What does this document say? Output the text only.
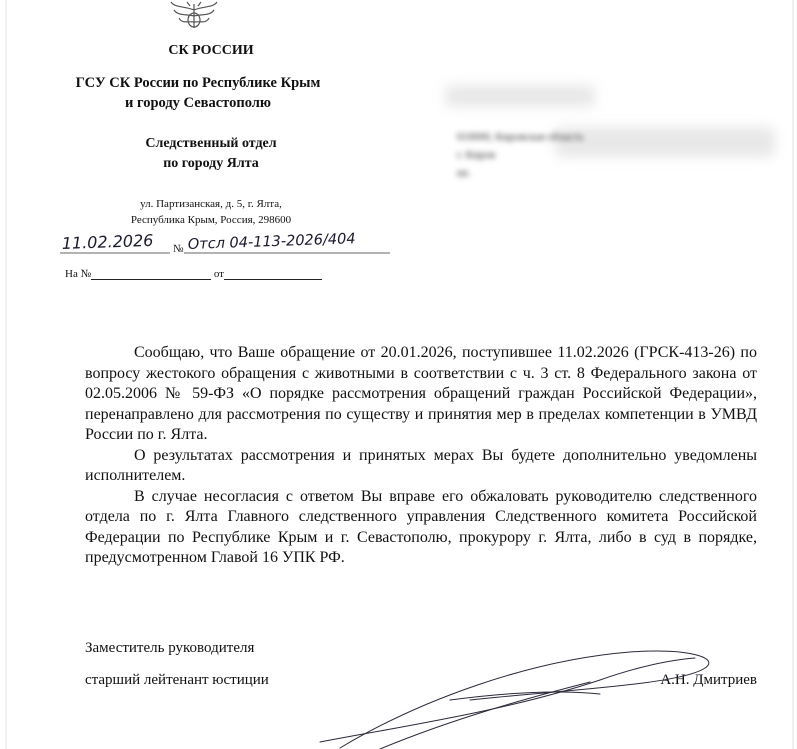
СК РОССИИ
ГСУ СК России по Республике Крым
и городу Севастополю
Следственный отдел
по городу Ялта
ул. Партизанская, д. 5, г. Ялта,
Республика Крым, Россия, 298600
№
11.02.2026 Отсл 04-113-2026/404
На №	от
610000, Кировская область
г. Киров
кв.

Сообщаю, что Ваше обращение от 20.01.2026, поступившее 11.02.2026 (ГРСК-413-26) по вопросу жестокого обращения с животными в соответствии с ч. 3 ст. 8 Федерального закона от 02.05.2006 № 59-ФЗ «О порядке рассмотрения обращений граждан Российской Федерации», перенаправлено для рассмотрения по существу и принятия мер в пределах компетенции в УМВД России по г. Ялта.

О результатах рассмотрения и принятых мерах Вы будете дополнительно уведомлены исполнителем.

В случае несогласия с ответом Вы вправе его обжаловать руководителю следственного отдела по г. Ялта Главного следственного управления Следственного комитета Российской Федерации по Республике Крым и г. Севастополю, прокурору г. Ялта, либо в суд в порядке, предусмотренном Главой 16 УПК РФ.

Заместитель руководителя
старший лейтенант юстиции	А.Н. Дмитриев
